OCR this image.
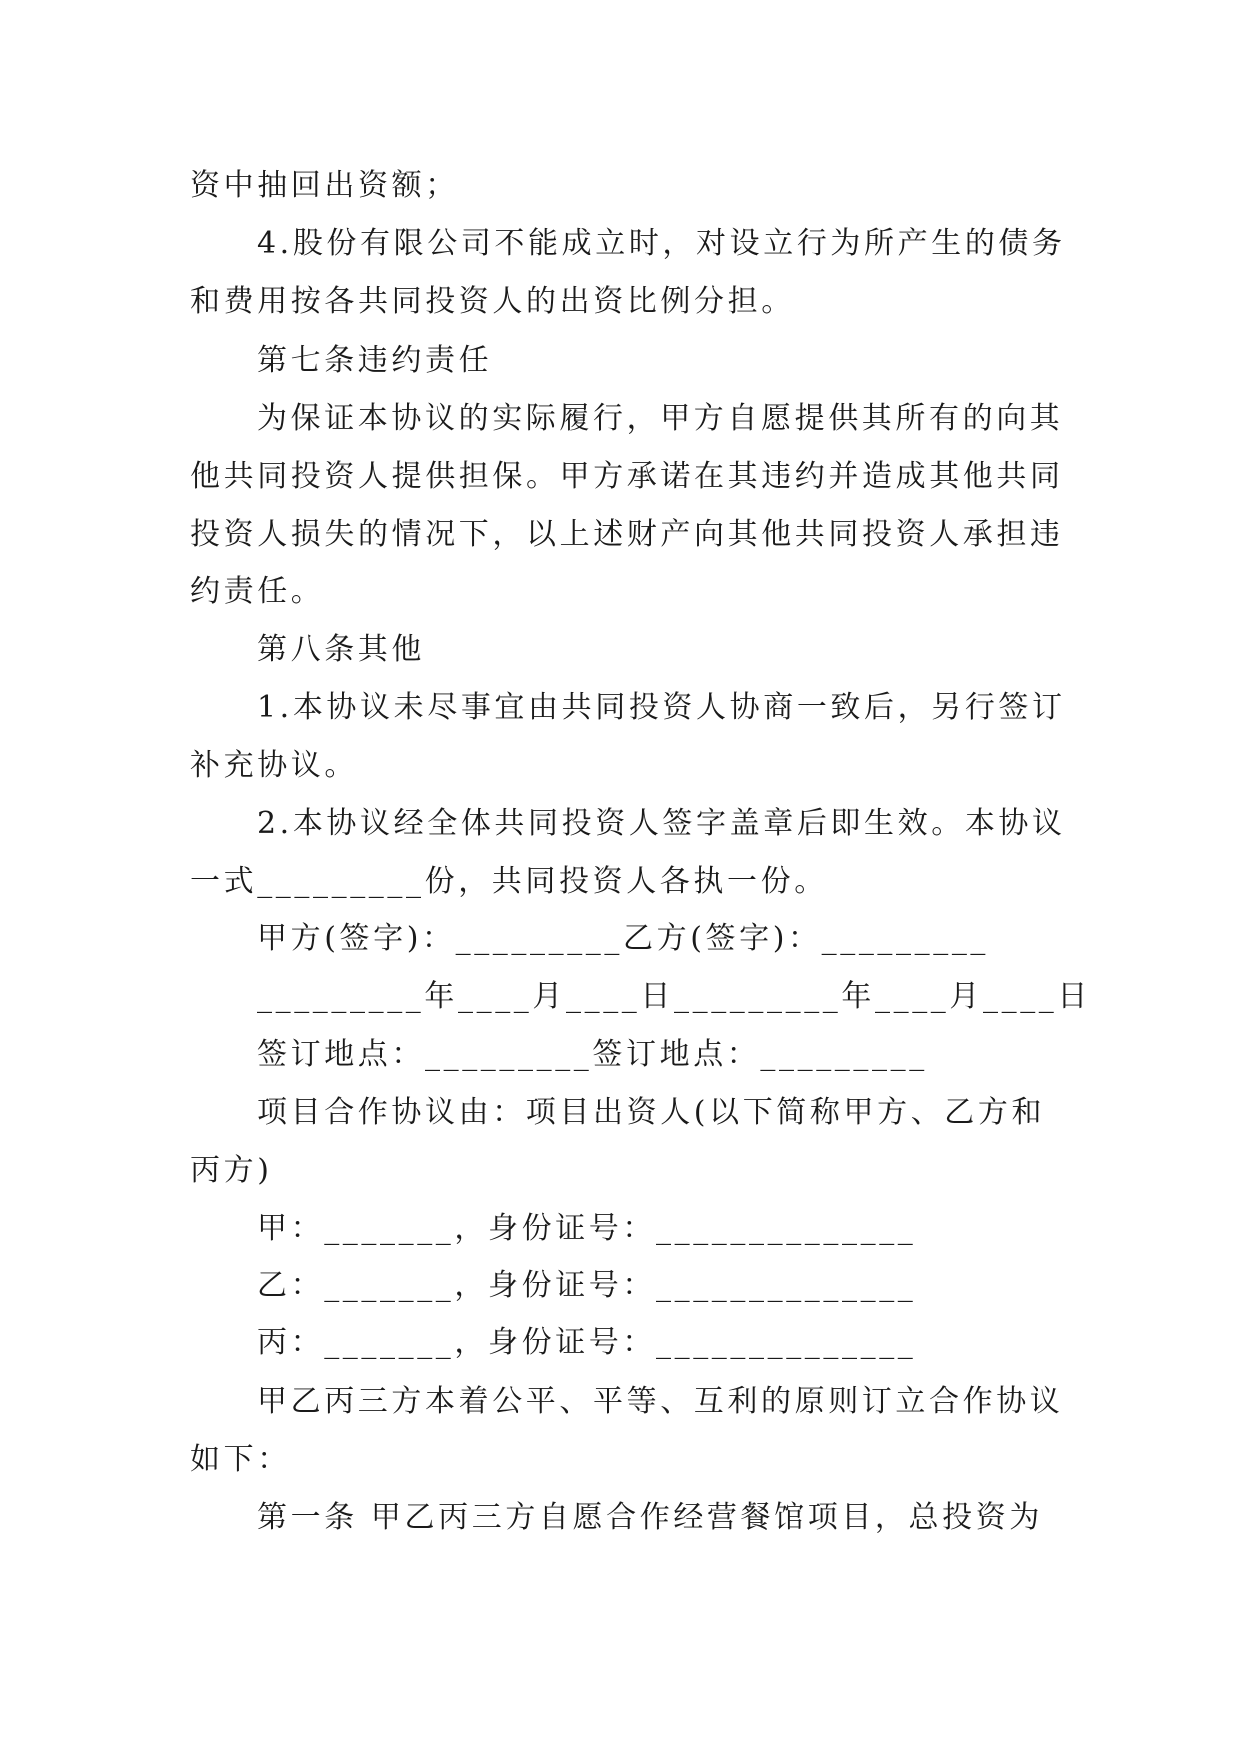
资中抽回出资额；
4.股份有限公司不能成立时，对设立行为所产生的债务
和费用按各共同投资人的出资比例分担。
第七条违约责任
为保证本协议的实际履行，甲方自愿提供其所有的向其
他共同投资人提供担保。甲方承诺在其违约并造成其他共同
投资人损失的情况下，以上述财产向其他共同投资人承担违
约责任。
第八条其他
1.本协议未尽事宜由共同投资人协商一致后，另行签订
补充协议。
2.本协议经全体共同投资人签字盖章后即生效。本协议
一式_________份，共同投资人各执一份。
甲方(签字)：_________乙方(签字)：_________
_________年____月____日_________年____月____日
签订地点：_________签订地点：_________
项目合作协议由：项目出资人(以下简称甲方、乙方和
丙方)
甲：_______，身份证号：______________
乙：_______，身份证号：______________
丙：_______，身份证号：______________
甲乙丙三方本着公平、平等、互利的原则订立合作协议
如下：
第一条 甲乙丙三方自愿合作经营餐馆项目，总投资为
